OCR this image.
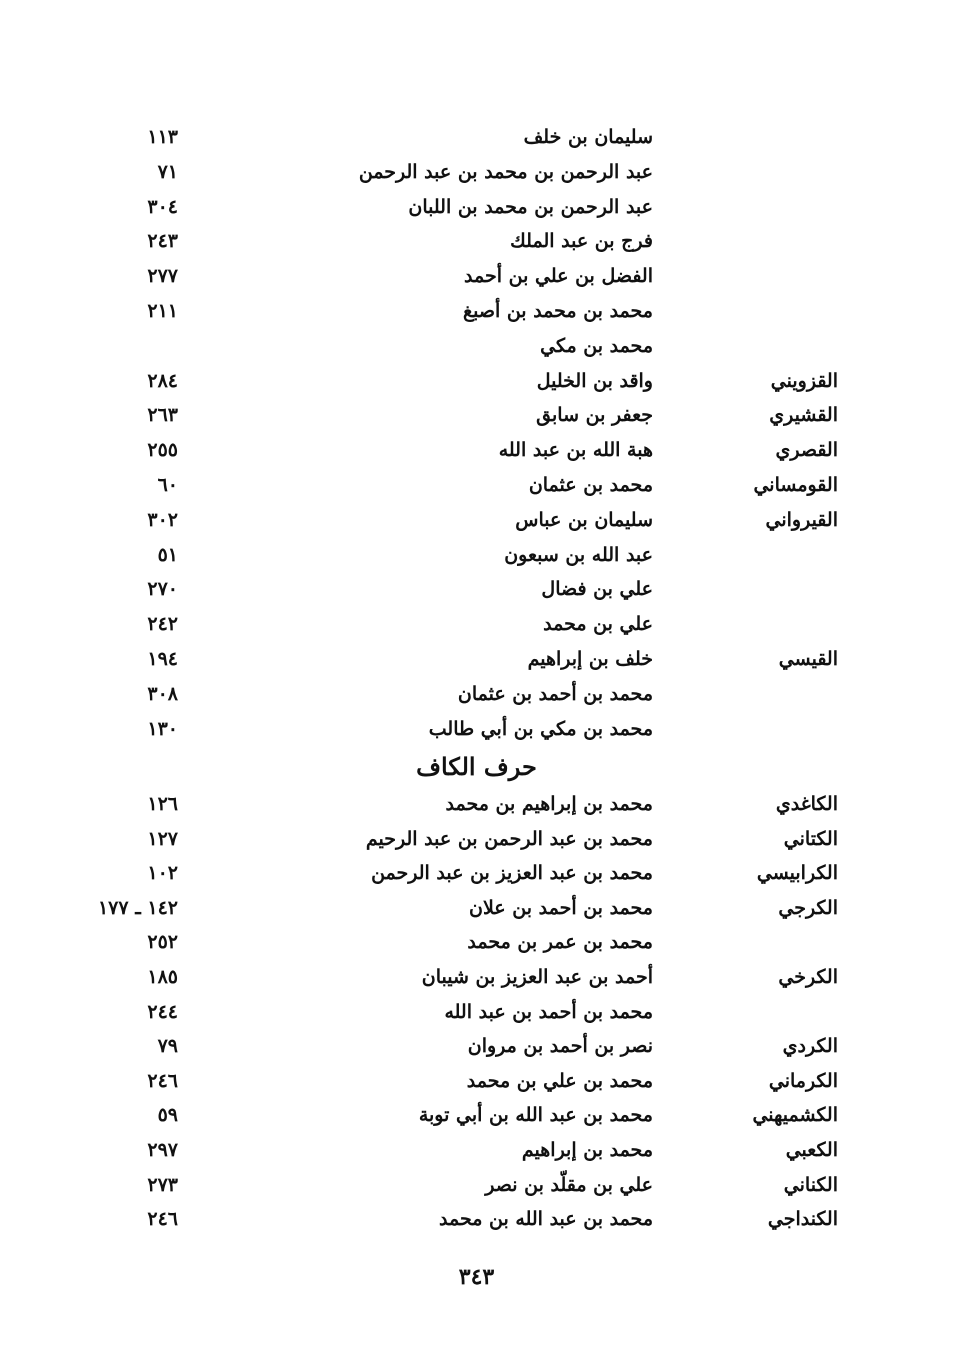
سليمان بن خلف
١١٣
عبد الرحمن بن محمد بن عبد الرحمن
٧١
عبد الرحمن بن محمد بن اللبان
٣٠٤
فرج بن عبد الملك
٢٤٣
الفضل بن علي بن أحمد
٢٧٧
محمد بن محمد بن أصبغ
٢١١
محمد بن مكي
القزويني
واقد بن الخليل
٢٨٤
القشيري
جعفر بن سابق
٢٦٣
القصري
هبة الله بن عبد الله
٢٥٥
القومساني
محمد بن عثمان
٦٠
القيرواني
سليمان بن عباس
٣٠٢
عبد الله بن سبعون
٥١
علي بن فضال
٢٧٠
علي بن محمد
٢٤٢
القيسي
خلف بن إبراهيم
١٩٤
محمد بن أحمد بن عثمان
٣٠٨
محمد بن مكي بن أبي طالب
١٣٠
حرف الكاف
الكاغدي
محمد بن إبراهيم بن محمد
١٢٦
الكتاني
محمد بن عبد الرحمن بن عبد الرحيم
١٢٧
الكرابيسي
محمد بن عبد العزيز بن عبد الرحمن
١٠٢
الكرجي
محمد بن أحمد بن علان
١٤٢ ـ ١٧٧
محمد بن عمر بن محمد
٢٥٢
الكرخي
أحمد بن عبد العزيز بن شيبان
١٨٥
محمد بن أحمد بن عبد الله
٢٤٤
الكردي
نصر بن أحمد بن مروان
٧٩
الكرماني
محمد بن علي بن محمد
٢٤٦
الكشميهني
محمد بن عبد الله بن أبي توبة
٥٩
الكعبي
محمد بن إبراهيم
٢٩٧
الكناني
علي بن مقلّد بن نصر
٢٧٣
الكنداجي
محمد بن عبد الله بن محمد
٢٤٦
٣٤٣
